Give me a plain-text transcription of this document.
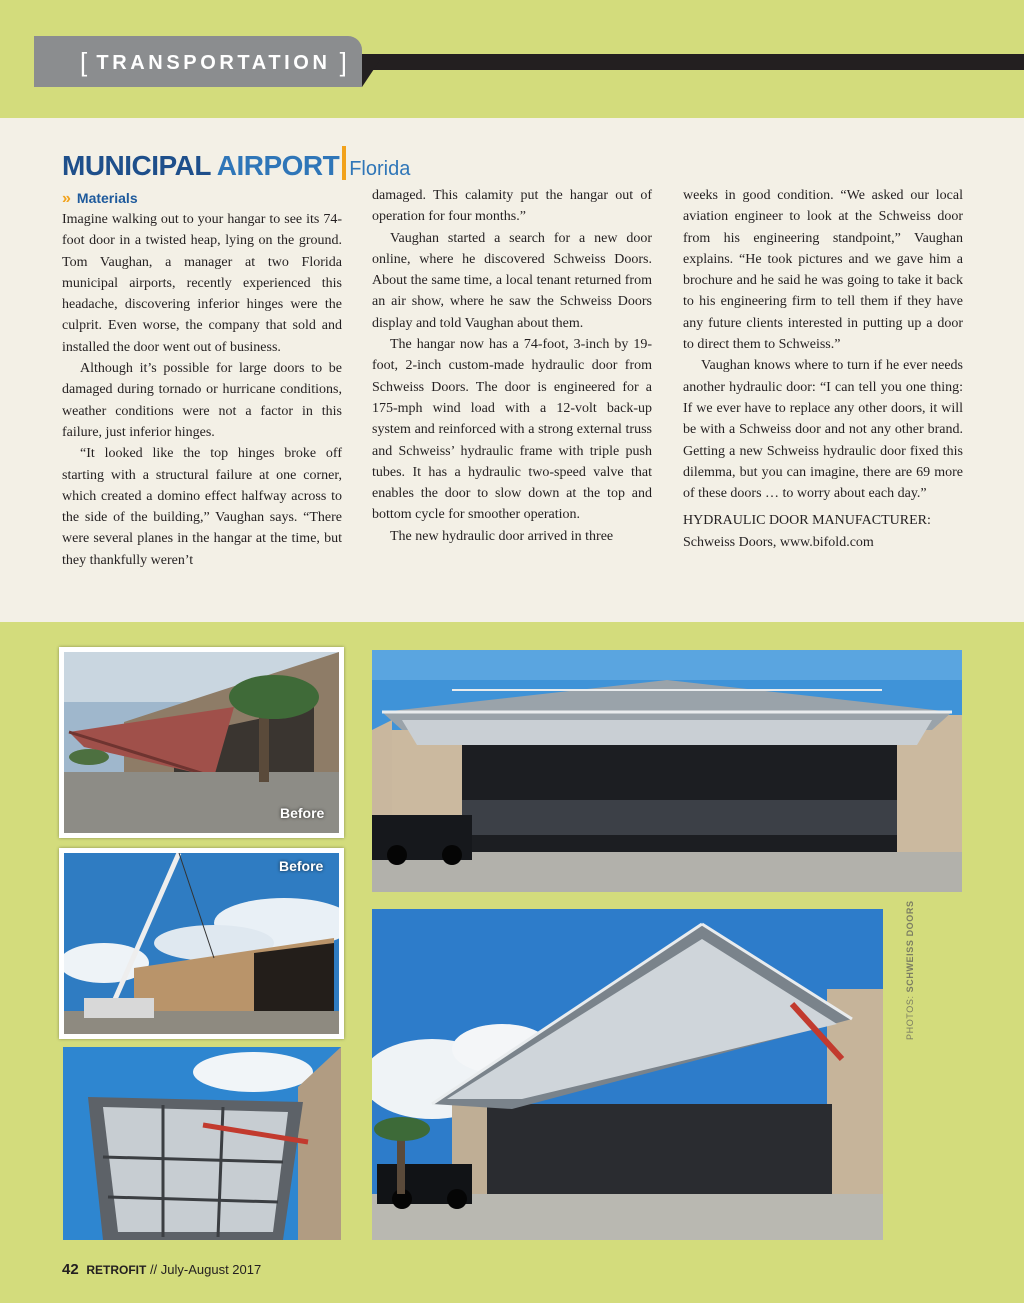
[ TRANSPORTATION ]
MUNICIPAL AIRPORT Florida
» Materials

Imagine walking out to your hangar to see its 74-foot door in a twisted heap, lying on the ground. Tom Vaughan, a manager at two Florida municipal airports, recently experienced this headache, discovering inferior hinges were the culprit. Even worse, the company that sold and installed the door went out of business.

Although it’s possible for large doors to be damaged during tornado or hurricane conditions, weather conditions were not a factor in this failure, just inferior hinges.

“It looked like the top hinges broke off starting with a structural failure at one corner, which created a domino effect halfway across to the side of the building,” Vaughan says. “There were several planes in the hangar at the time, but they thankfully weren’t

damaged. This calamity put the hangar out of operation for four months.”

Vaughan started a search for a new door online, where he discovered Schweiss Doors. About the same time, a local tenant returned from an air show, where he saw the Schweiss Doors display and told Vaughan about them.

The hangar now has a 74-foot, 3-inch by 19-foot, 2-inch custom-made hydraulic door from Schweiss Doors. The door is engineered for a 175-mph wind load with a 12-volt back-up system and reinforced with a strong external truss and Schweiss’ hydraulic frame with triple push tubes. It has a hydraulic two-speed valve that enables the door to slow down at the top and bottom cycle for smoother operation.

The new hydraulic door arrived in three

weeks in good condition. “We asked our local aviation engineer to look at the Schweiss door from his engineering standpoint,” Vaughan explains. “He took pictures and we gave him a brochure and he said he was going to take it back to his engineering firm to tell them if they have any future clients interested in putting up a door to direct them to Schweiss.”

Vaughan knows where to turn if he ever needs another hydraulic door: “I can tell you one thing: If we ever have to replace any other doors, it will be with a Schweiss door and not any other brand. Getting a new Schweiss hydraulic door fixed this dilemma, but you can imagine, there are 69 more of these doors … to worry about each day.”

HYDRAULIC DOOR MANUFACTURER:

Schweiss Doors, www.bifold.com

Before
Before
PHOTOS: SCHWEISS DOORS
42 RETROFIT // July-August 2017
